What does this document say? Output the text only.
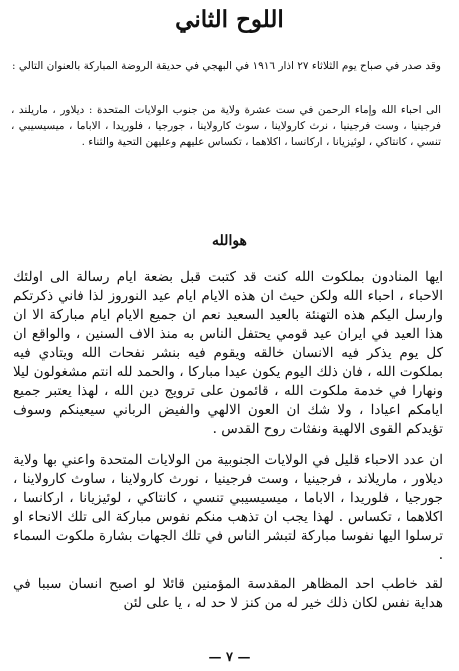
اللوح الثاني

وقد صدر في صباح يوم الثلاثاء ٢٧ اذار ١٩١٦ في البهجي في حديقة الروضة المباركة بالعنوان التالي :

الى احباء الله وإماء الرحمن في ست عشرة ولاية من جنوب الولايات المتحدة : ديلاور ، ماريلند ، فرجينيا ، وست فرجينيا ، نرث كارولاينا ، سوث كارولاينا ، جورجيا ، فلوريدا ، الاباما ، ميسيسيبي ، تنسي ، كانتاكي ، لوئيزيانا ، اركانسا ، اكلاهما ، تكساس عليهم وعليهن التحية والثناء .

هوالله

ايها المنادون بملكوت الله كنت قد كتبت قبل بضعة ايام رسالة الى اولئك الاحباء ، احباء الله ولكن حيث ان هذه الايام ايام عيد النوروز لذا فاني ذكرتكم وارسل اليكم هذه التهنئة بالعيد السعيد نعم ان جميع الايام ايام مباركة الا ان هذا العيد في ايران عيد قومي يحتفل الناس به منذ الاف السنين ، والواقع ان كل يوم يذكر فيه الانسان خالقه ويقوم فيه بنشر نفحات الله ويتادي فيه بملكوت الله ، فان ذلك اليوم يكون عيدا مباركا ، والحمد لله انتم مشغولون ليلا ونهارا في خدمة ملكوت الله ، قائمون على ترويج دين الله ، لهذا يعتبر جميع ايامكم اعيادا ، ولا شك ان العون الالهي والفيض الرباني سيعينكم وسوف تؤيدكم القوى الالهية ونفثات روح القدس .

ان عدد الاحباء قليل في الولايات الجنوبية من الولايات المتحدة واعني بها ولاية ديلاور ، ماريلاند ، فرجينيا ، وست فرجينيا ، نورث كارولاينا ، ساوث كارولاينا ، جورجيا ، فلوريدا ، الاباما ، ميسيسيبي تنسي ، كانتاكي ، لوئيزيانا ، اركانسا ، اكلاهما ، تكساس . لهذا يجب ان تذهب منكم نفوس مباركة الى تلك الانحاء او ترسلوا اليها نفوسا مباركة لتبشر الناس في تلك الجهات بشارة ملكوت السماء .

لقد خاطب احد المظاهر المقدسة المؤمنين قائلا لو اصبح انسان سببا في هداية نفس لكان ذلك خير له من كنز لا حد له ، يا على لئن

— ٧ —
